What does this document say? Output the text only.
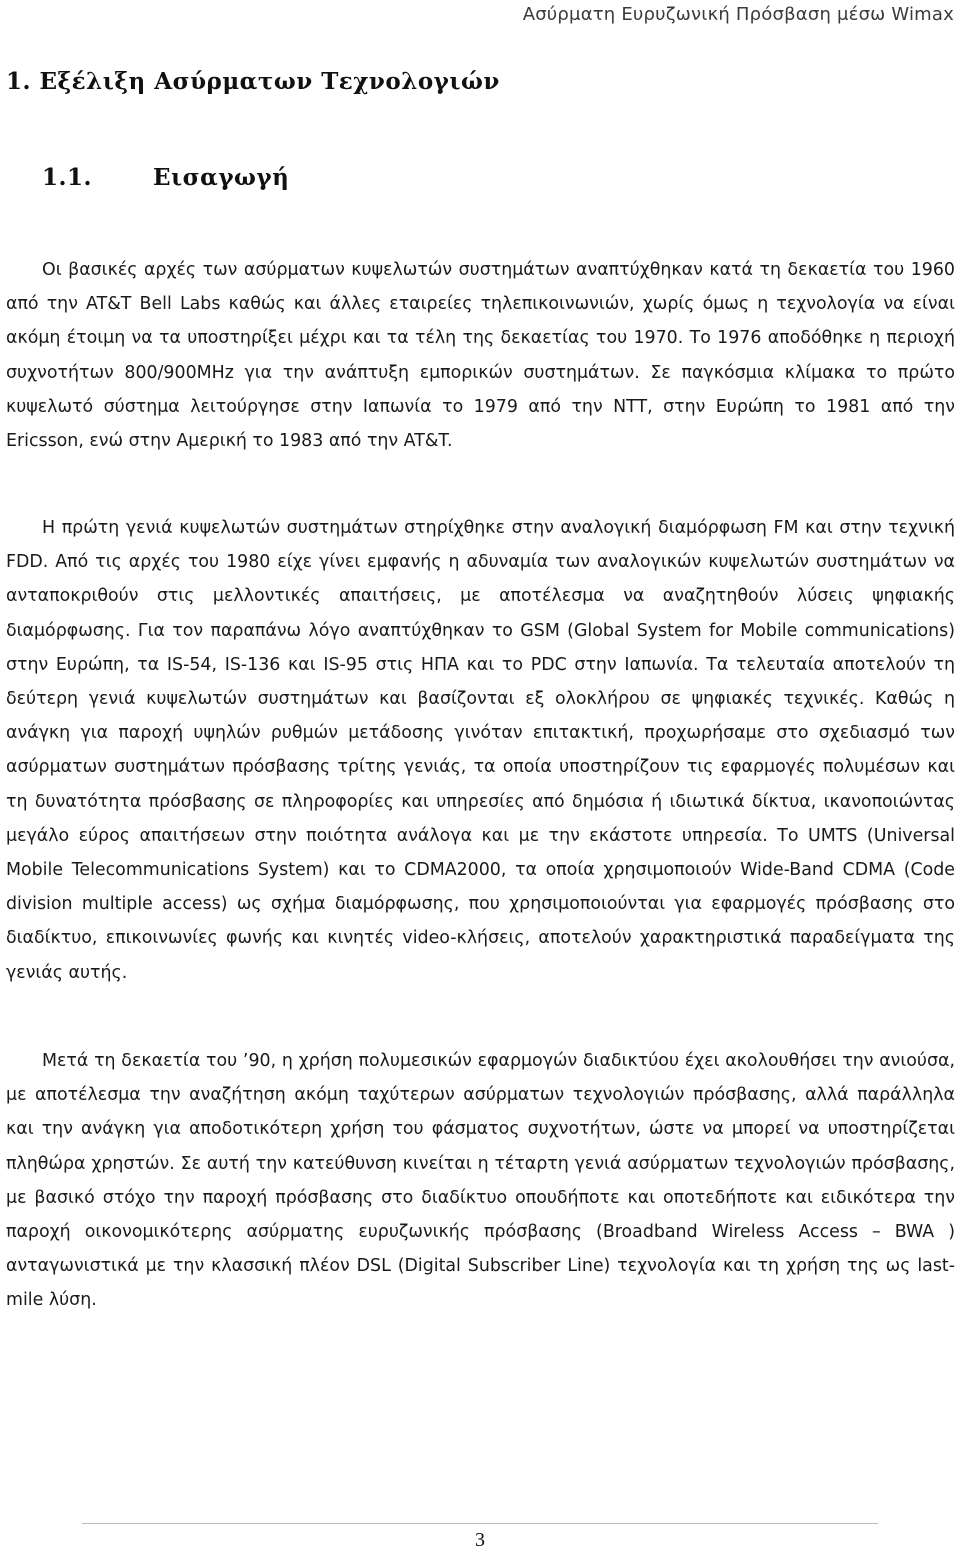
Ασύρματη Ευρυζωνική Πρόσβαση μέσω Wimax
1. Εξέλιξη Ασύρματων Τεχνολογιών
1.1.	Εισαγωγή

Οι βασικές αρχές των ασύρματων κυψελωτών συστημάτων αναπτύχθηκαν κατά τη δεκαετία του 1960 από την AT&T Bell Labs καθώς και άλλες εταιρείες τηλεπικοινωνιών, χωρίς όμως η τεχνολογία να είναι ακόμη έτοιμη να τα υποστηρίξει μέχρι και τα τέλη της δεκαετίας του 1970. Το 1976 αποδόθηκε η περιοχή συχνοτήτων 800/900MHz για την ανάπτυξη εμπορικών συστημάτων. Σε παγκόσμια κλίμακα το πρώτο κυψελωτό σύστημα λειτούργησε στην Ιαπωνία το 1979 από την NTT, στην Ευρώπη το 1981 από την Ericsson, ενώ στην Αμερική το 1983 από την AT&T.

Η πρώτη γενιά κυψελωτών συστημάτων στηρίχθηκε στην αναλογική διαμόρφωση FM και στην τεχνική FDD. Από τις αρχές του 1980 είχε γίνει εμφανής η αδυναμία των αναλογικών κυψελωτών συστημάτων να ανταποκριθούν στις μελλοντικές απαιτήσεις, με αποτέλεσμα να αναζητηθούν λύσεις ψηφιακής διαμόρφωσης. Για τον παραπάνω λόγο αναπτύχθηκαν το GSM (Global System for Mobile communications) στην Ευρώπη, τα IS-54, IS-136 και IS-95 στις ΗΠΑ και το PDC στην Ιαπωνία. Τα τελευταία αποτελούν τη δεύτερη γενιά κυψελωτών συστημάτων και βασίζονται εξ ολοκλήρου σε ψηφιακές τεχνικές. Καθώς η ανάγκη για παροχή υψηλών ρυθμών μετάδοσης γινόταν επιτακτική, προχωρήσαμε στο σχεδιασμό των ασύρματων συστημάτων πρόσβασης τρίτης γενιάς, τα οποία υποστηρίζουν τις εφαρμογές πολυμέσων και τη δυνατότητα πρόσβασης σε πληροφορίες και υπηρεσίες από δημόσια ή ιδιωτικά δίκτυα, ικανοποιώντας μεγάλο εύρος απαιτήσεων στην ποιότητα ανάλογα και με την εκάστοτε υπηρεσία. Το UMTS (Universal Mobile Telecommunications System) και το CDMA2000, τα οποία χρησιμοποιούν Wide-Band CDMA (Code division multiple access) ως σχήμα διαμόρφωσης, που χρησιμοποιούνται για εφαρμογές πρόσβασης στο διαδίκτυο, επικοινωνίες φωνής και κινητές video-κλήσεις, αποτελούν χαρακτηριστικά παραδείγματα της γενιάς αυτής.

Μετά τη δεκαετία του ’90, η χρήση πολυμεσικών εφαρμογών διαδικτύου έχει ακολουθήσει την ανιούσα, με αποτέλεσμα την αναζήτηση ακόμη ταχύτερων ασύρματων τεχνολογιών πρόσβασης, αλλά παράλληλα και την ανάγκη για αποδοτικότερη χρήση του φάσματος συχνοτήτων, ώστε να μπορεί να υποστηρίζεται πληθώρα χρηστών. Σε αυτή την κατεύθυνση κινείται η τέταρτη γενιά ασύρματων τεχνολογιών πρόσβασης, με βασικό στόχο την παροχή πρόσβασης στο διαδίκτυο οπουδήποτε και οποτεδήποτε και ειδικότερα την παροχή οικονομικότερης ασύρματης ευρυζωνικής πρόσβασης (Broadband Wireless Access – BWA ) ανταγωνιστικά με την κλασσική πλέον DSL (Digital Subscriber Line) τεχνολογία και τη χρήση της ως last-mile λύση.

3
